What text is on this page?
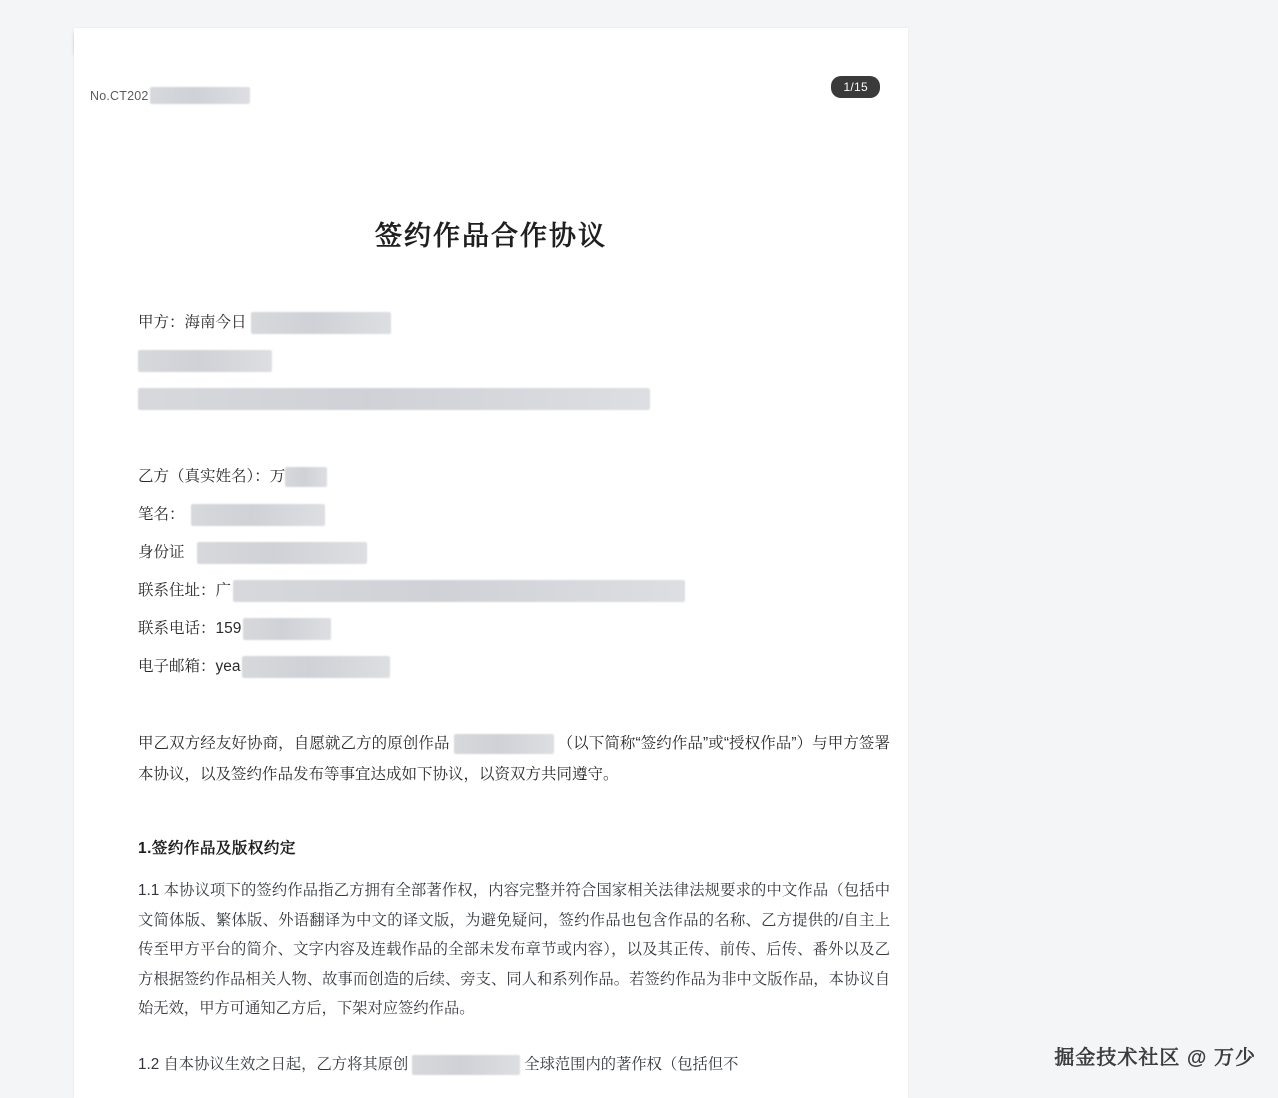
1/15
No.CT202
签约作品合作协议
甲方：海南今日
乙方（真实姓名）：万
笔名：
身份证
联系住址：广
联系电话：159
电子邮箱：yea
甲乙双方经友好协商，自愿就乙方的原创作品	（以下简称“签约作品”或“授权作品”）与甲方签署本协议，以及签约作品发布等事宜达成如下协议，以资双方共同遵守。
1.签约作品及版权约定
1.1 本协议项下的签约作品指乙方拥有全部著作权，内容完整并符合国家相关法律法规要求的中文作品（包括中文简体版、繁体版、外语翻译为中文的译文版，为避免疑问，签约作品也包含作品的名称、乙方提供的/自主上传至甲方平台的简介、文字内容及连载作品的全部未发布章节或内容），以及其正传、前传、后传、番外以及乙方根据签约作品相关人物、故事而创造的后续、旁支、同人和系列作品。若签约作品为非中文版作品，本协议自始无效，甲方可通知乙方后，下架对应签约作品。
1.2 自本协议生效之日起，乙方将其原创	全球范围内的著作权（包括但不	掘金技术社区 @ 万少
